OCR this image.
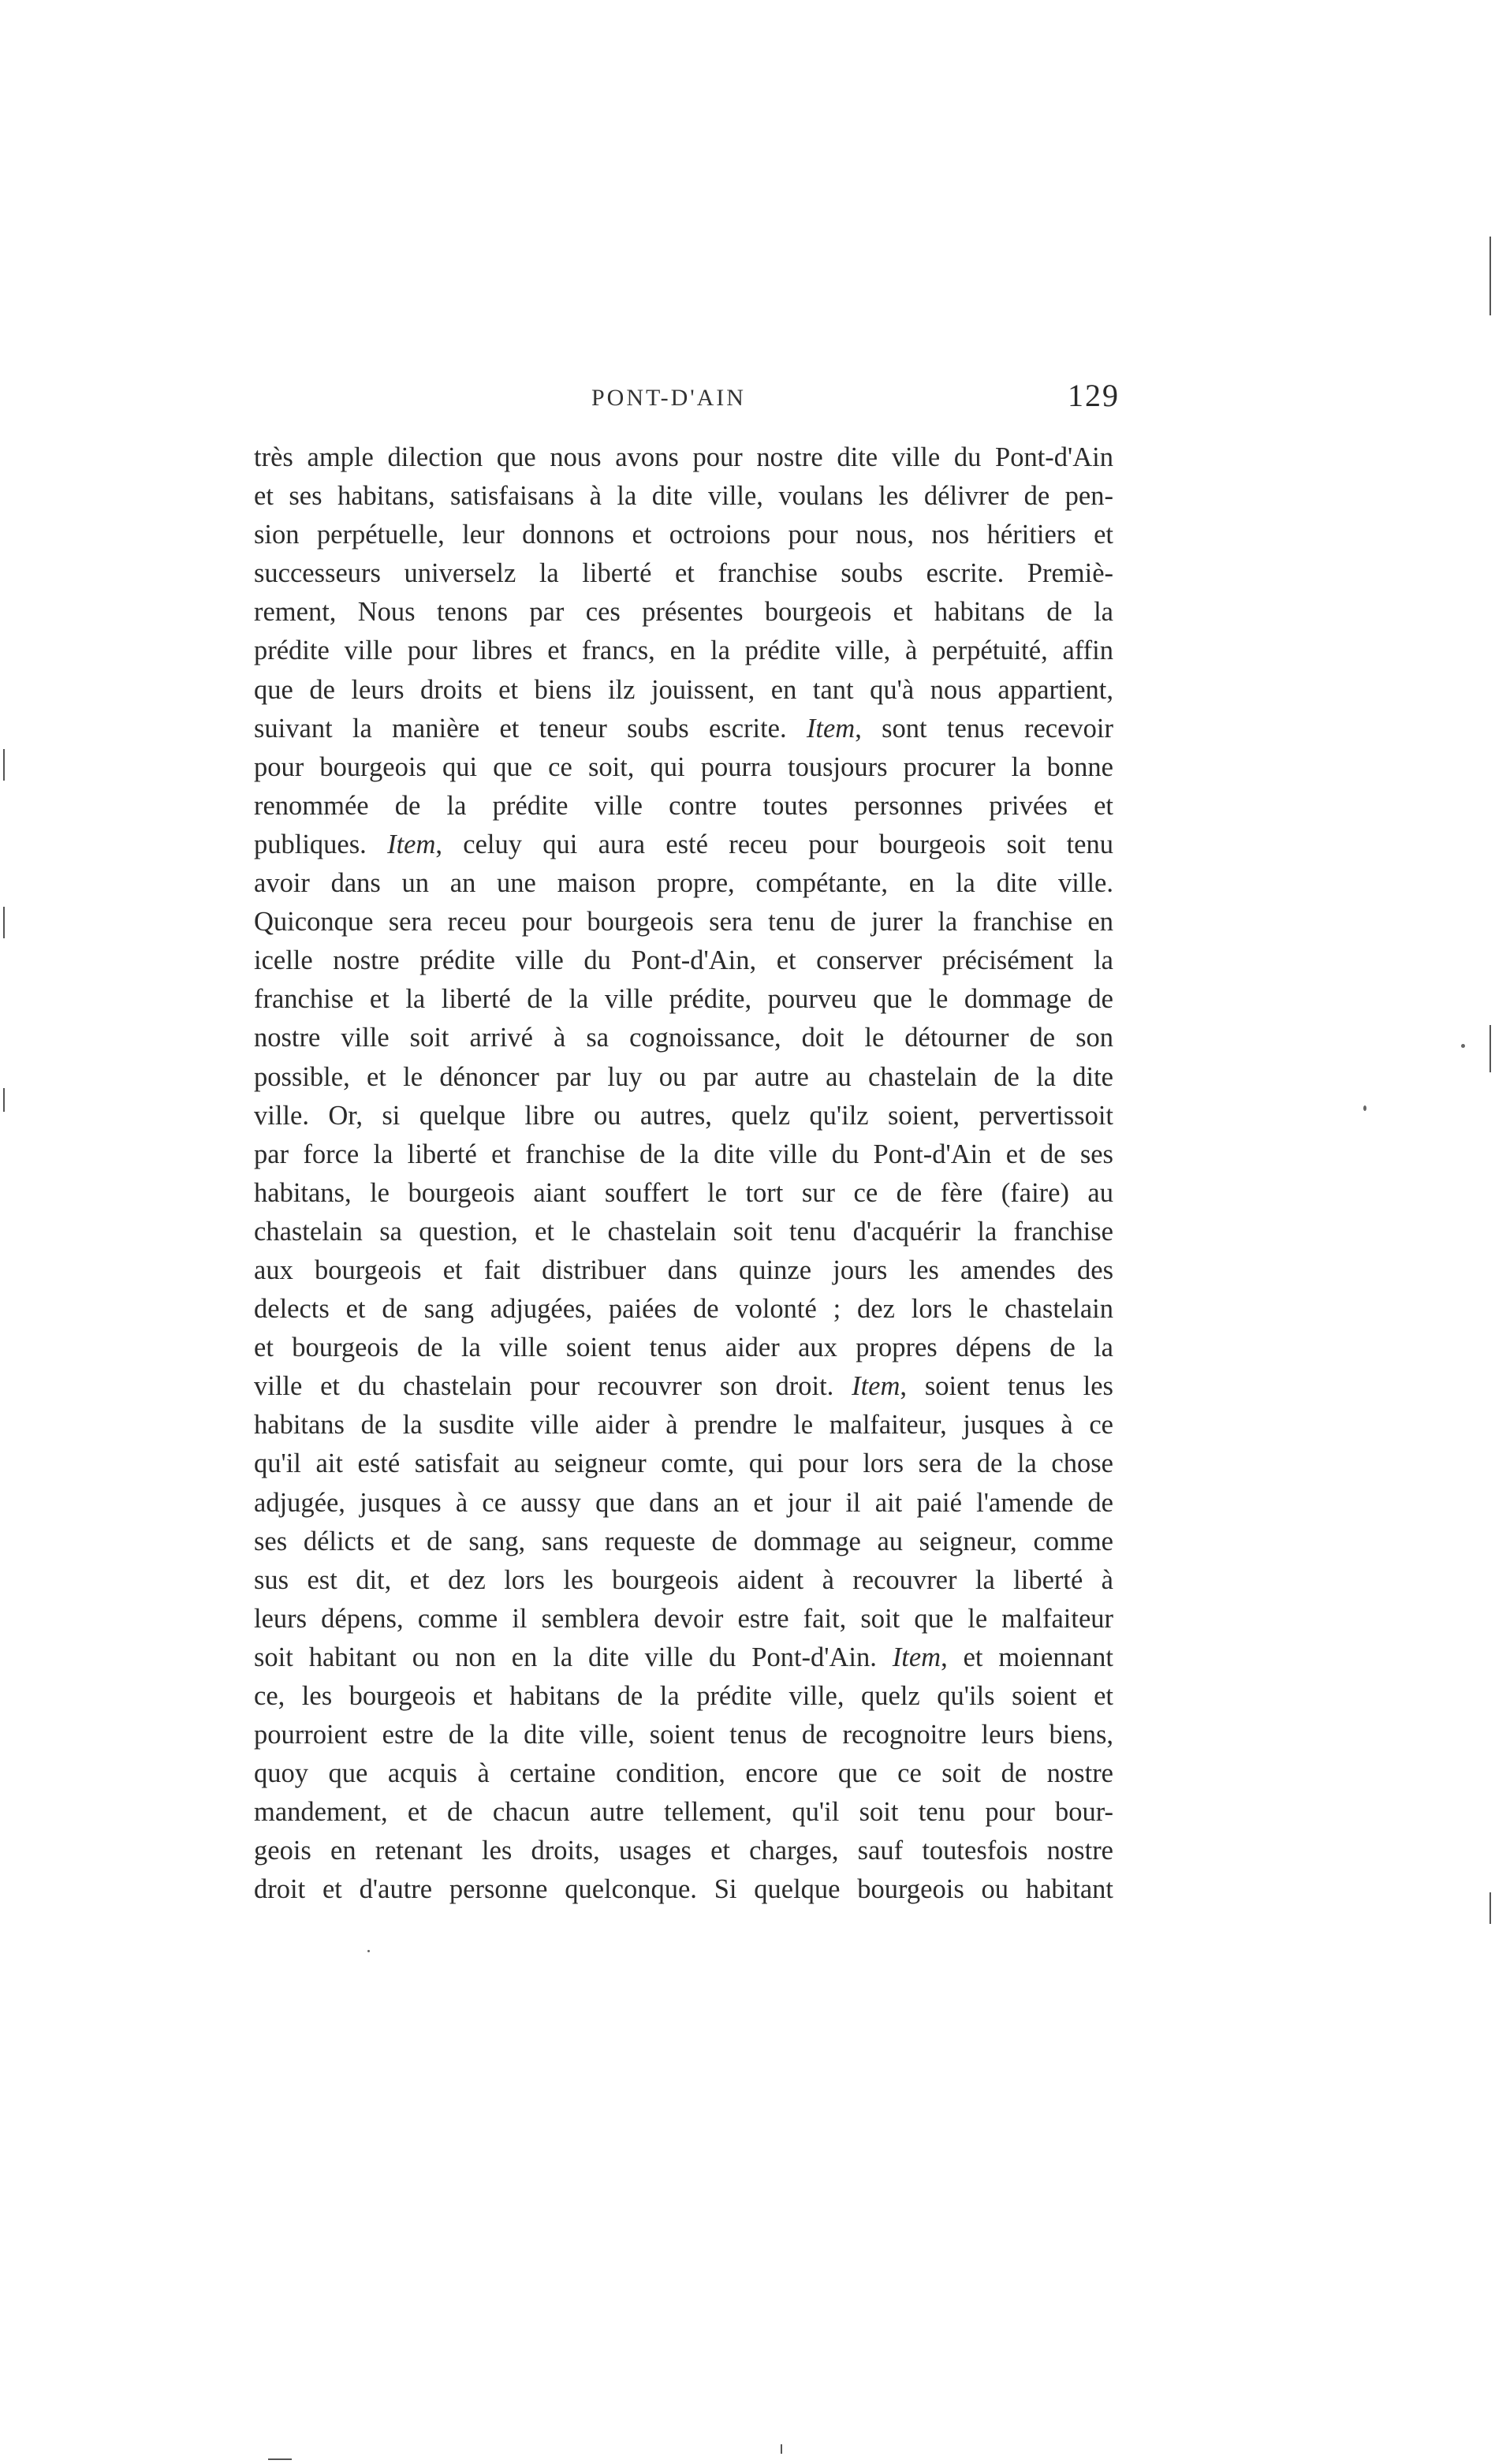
PONT-D'AIN	129
très ample dilection que nous avons pour nostre dite ville du Pont-d'Ain
et ses habitans, satisfaisans à la dite ville, voulans les délivrer de pen-
sion perpétuelle, leur donnons et octroions pour nous, nos héritiers et
successeurs universelz la liberté et franchise soubs escrite. Premiè-
rement, Nous tenons par ces présentes bourgeois et habitans de la
prédite ville pour libres et francs, en la prédite ville, à perpétuité, affin
que de leurs droits et biens ilz jouissent, en tant qu'à nous appartient,
suivant la manière et teneur soubs escrite. Item, sont tenus recevoir
pour bourgeois qui que ce soit, qui pourra tousjours procurer la bonne
renommée de la prédite ville contre toutes personnes privées et
publiques. Item, celuy qui aura esté receu pour bourgeois soit tenu
avoir dans un an une maison propre, compétante, en la dite ville.
Quiconque sera receu pour bourgeois sera tenu de jurer la franchise en
icelle nostre prédite ville du Pont-d'Ain, et conserver précisément la
franchise et la liberté de la ville prédite, pourveu que le dommage de
nostre ville soit arrivé à sa cognoissance, doit le détourner de son
possible, et le dénoncer par luy ou par autre au chastelain de la dite
ville. Or, si quelque libre ou autres, quelz qu'ilz soient, pervertissoit
par force la liberté et franchise de la dite ville du Pont-d'Ain et de ses
habitans, le bourgeois aiant souffert le tort sur ce de fère (faire) au
chastelain sa question, et le chastelain soit tenu d'acquérir la franchise
aux bourgeois et fait distribuer dans quinze jours les amendes des
delects et de sang adjugées, paiées de volonté ; dez lors le chastelain
et bourgeois de la ville soient tenus aider aux propres dépens de la
ville et du chastelain pour recouvrer son droit. Item, soient tenus les
habitans de la susdite ville aider à prendre le malfaiteur, jusques à ce
qu'il ait esté satisfait au seigneur comte, qui pour lors sera de la chose
adjugée, jusques à ce aussy que dans an et jour il ait paié l'amende de
ses délicts et de sang, sans requeste de dommage au seigneur, comme
sus est dit, et dez lors les bourgeois aident à recouvrer la liberté à
leurs dépens, comme il semblera devoir estre fait, soit que le malfaiteur
soit habitant ou non en la dite ville du Pont-d'Ain. Item, et moiennant
ce, les bourgeois et habitans de la prédite ville, quelz qu'ils soient et
pourroient estre de la dite ville, soient tenus de recognoitre leurs biens,
quoy que acquis à certaine condition, encore que ce soit de nostre
mandement, et de chacun autre tellement, qu'il soit tenu pour bour-
geois en retenant les droits, usages et charges, sauf toutesfois nostre
droit et d'autre personne quelconque. Si quelque bourgeois ou habitant
